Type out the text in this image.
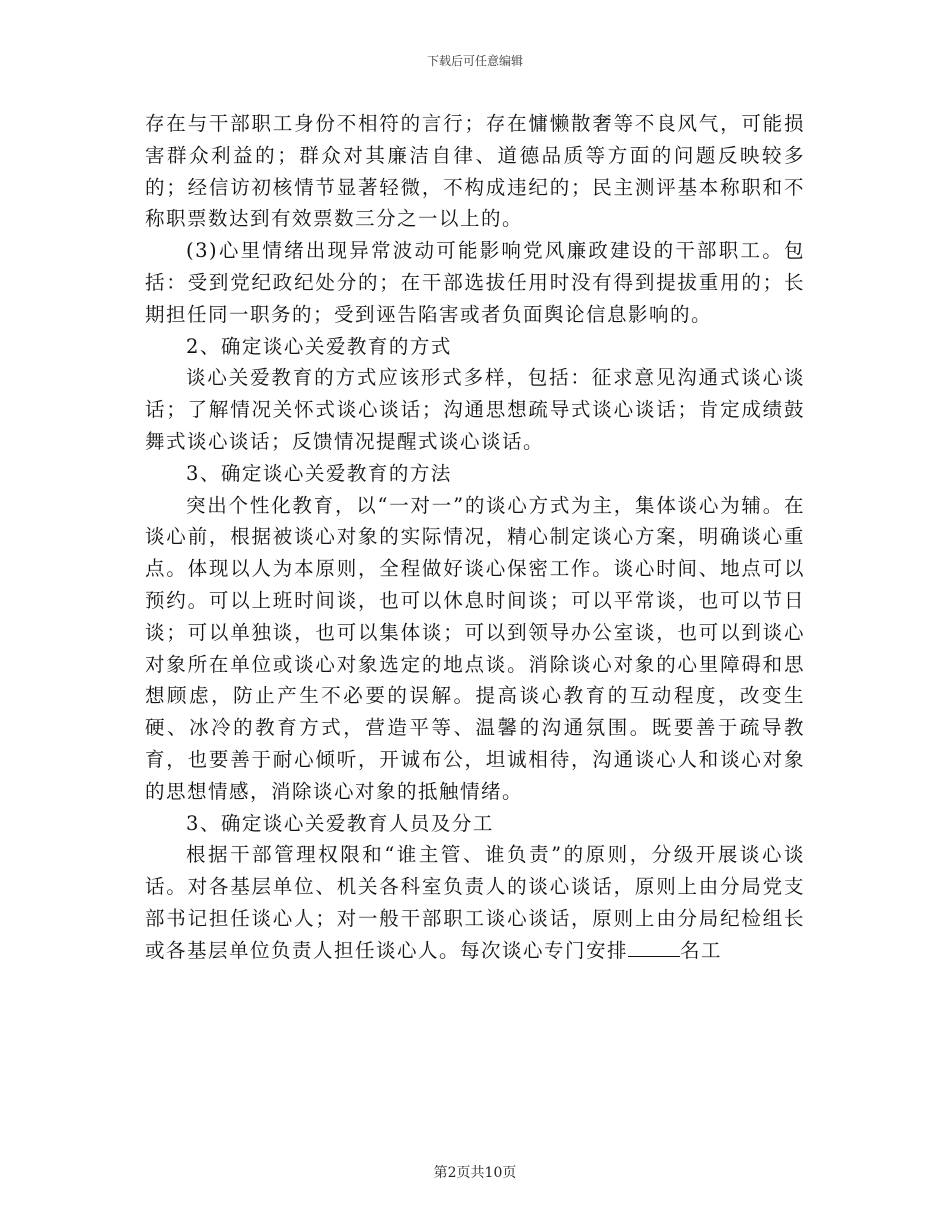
下载后可任意编辑

存在与干部职工身份不相符的言行；存在慵懒散奢等不良风气，可能损害群众利益的；群众对其廉洁自律、道德品质等方面的问题反映较多的；经信访初核情节显著轻微，不构成违纪的；民主测评基本称职和不称职票数达到有效票数三分之一以上的。

(3)心里情绪出现异常波动可能影响党风廉政建设的干部职工。包括：受到党纪政纪处分的；在干部选拔任用时没有得到提拔重用的；长期担任同一职务的；受到诬告陷害或者负面舆论信息影响的。

2、确定谈心关爱教育的方式

谈心关爱教育的方式应该形式多样，包括：征求意见沟通式谈心谈话；了解情况关怀式谈心谈话；沟通思想疏导式谈心谈话；肯定成绩鼓舞式谈心谈话；反馈情况提醒式谈心谈话。

3、确定谈心关爱教育的方法

突出个性化教育，以“一对一”的谈心方式为主，集体谈心为辅。在谈心前，根据被谈心对象的实际情况，精心制定谈心方案，明确谈心重点。体现以人为本原则，全程做好谈心保密工作。谈心时间、地点可以预约。可以上班时间谈，也可以休息时间谈；可以平常谈，也可以节日谈；可以单独谈，也可以集体谈；可以到领导办公室谈，也可以到谈心对象所在单位或谈心对象选定的地点谈。消除谈心对象的心里障碍和思想顾虑，防止产生不必要的误解。提高谈心教育的互动程度，改变生硬、冰冷的教育方式，营造平等、温馨的沟通氛围。既要善于疏导教育，也要善于耐心倾听，开诚布公，坦诚相待，沟通谈心人和谈心对象的思想情感，消除谈心对象的抵触情绪。

3、确定谈心关爱教育人员及分工

根据干部管理权限和“谁主管、谁负责”的原则，分级开展谈心谈话。对各基层单位、机关各科室负责人的谈心谈话，原则上由分局党支部书记担任谈心人；对一般干部职工谈心谈话，原则上由分局纪检组长或各基层单位负责人担任谈心人。每次谈心专门安排	名工

第2页共10页
